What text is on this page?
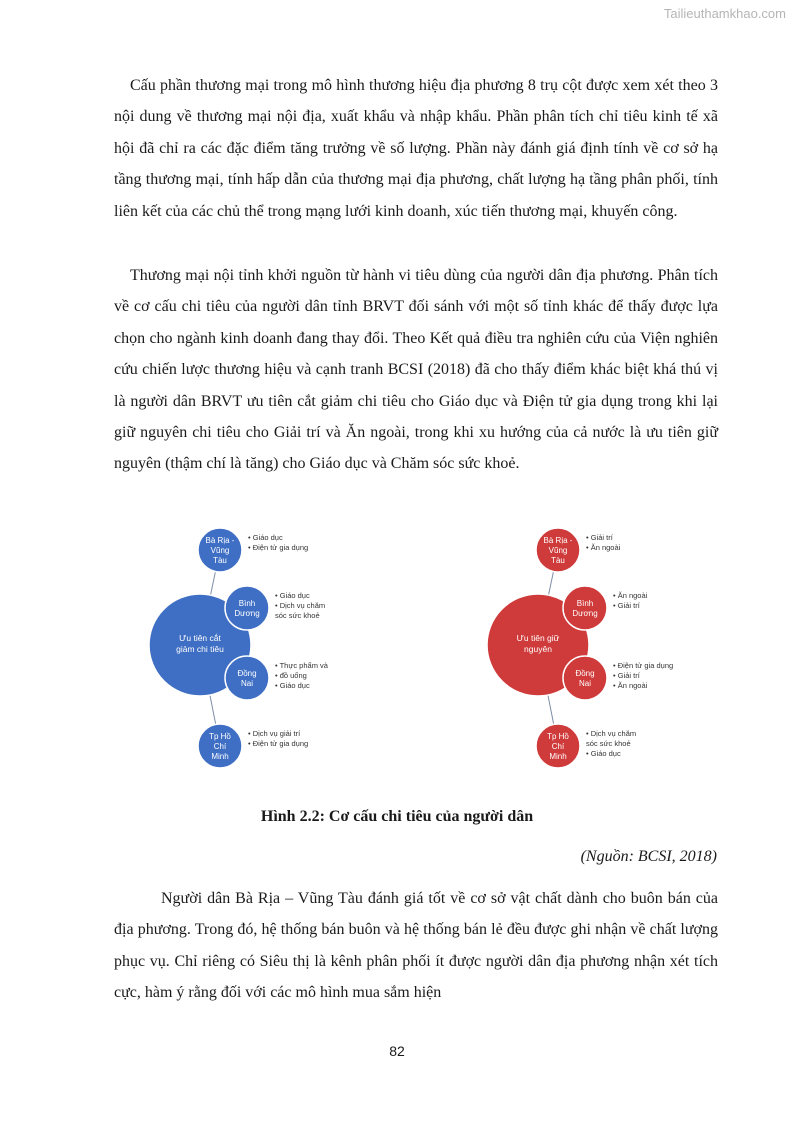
Tailieuthamkhao.com

Cấu phần thương mại trong mô hình thương hiệu địa phương 8 trụ cột được xem xét theo 3 nội dung về thương mại nội địa, xuất khẩu và nhập khẩu. Phần phân tích chỉ tiêu kinh tế xã hội đã chỉ ra các đặc điểm tăng trưởng về số lượng. Phần này đánh giá định tính về cơ sở hạ tầng thương mại, tính hấp dẫn của thương mại địa phương, chất lượng hạ tầng phân phối, tính liên kết của các chủ thể trong mạng lưới kinh doanh, xúc tiến thương mại, khuyến công.

Thương mại nội tỉnh khởi nguồn từ hành vi tiêu dùng của người dân địa phương. Phân tích về cơ cấu chi tiêu của người dân tỉnh BRVT đối sánh với một số tỉnh khác để thấy được lựa chọn cho ngành kinh doanh đang thay đổi. Theo Kết quả điều tra nghiên cứu của Viện nghiên cứu chiến lược thương hiệu và cạnh tranh BCSI (2018) đã cho thấy điểm khác biệt khá thú vị là người dân BRVT ưu tiên cắt giảm chi tiêu cho Giáo dục và Điện tử gia dụng trong khi lại giữ nguyên chi tiêu cho Giải trí và Ăn ngoài, trong khi xu hướng của cả nước là ưu tiên giữ nguyên (thậm chí là tăng) cho Giáo dục và Chăm sóc sức khoẻ.

Ưu tiên cắt
giảm chi tiêu
Bà Rịa -
Vũng
Tàu
• Giáo dục
• Điện tử gia dụng
Bình
Dương
• Giáo dục
• Dịch vụ chăm
sóc sức khoẻ
Đồng
Nai
• Thực phẩm và
• đồ uống
• Giáo dục
Tp Hồ
Chí
Minh
• Dịch vụ giải trí
• Điện tử gia dụng
Ưu tiên giữ
nguyên
Bà Rịa -
Vũng
Tàu
• Giải trí
• Ăn ngoài
Bình
Dương
• Ăn ngoài
• Giải trí
Đồng
Nai
• Điện tử gia dụng
• Giải trí
• Ăn ngoài
Tp Hồ
Chí
Minh
• Dịch vụ chăm
sóc sức khoẻ
• Giáo dục
Hình 2.2: Cơ cấu chi tiêu của người dân
(Nguồn: BCSI, 2018)

Người dân Bà Rịa – Vũng Tàu đánh giá tốt về cơ sở vật chất dành cho buôn bán của địa phương. Trong đó, hệ thống bán buôn và hệ thống bán lẻ đều được ghi nhận về chất lượng phục vụ. Chỉ riêng có Siêu thị là kênh phân phối ít được người dân địa phương nhận xét tích cực, hàm ý rằng đối với các mô hình mua sắm hiện

82
